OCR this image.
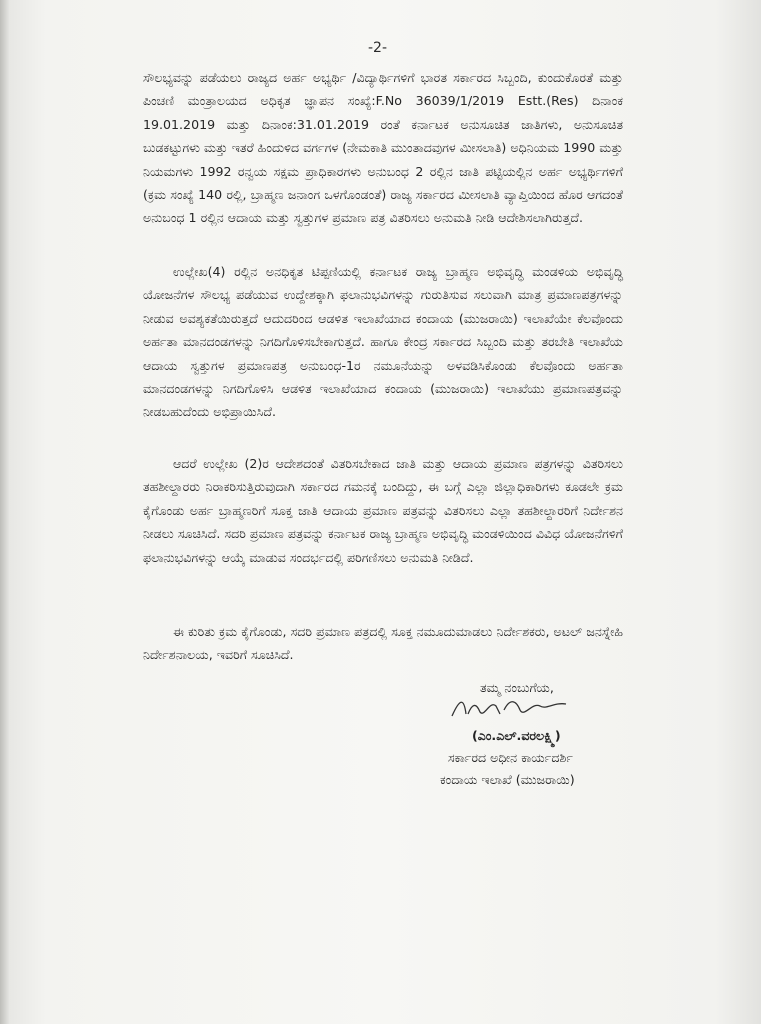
-2-

ಸೌಲಭ್ಯವನ್ನು ಪಡೆಯಲು ರಾಜ್ಯದ ಅರ್ಹ ಅಭ್ಯರ್ಥಿ /ವಿದ್ಯಾರ್ಥಿಗಳಿಗೆ ಭಾರತ ಸರ್ಕಾರದ ಸಿಬ್ಬಂದಿ, ಕುಂದುಕೊರತೆ ಮತ್ತು ಪಿಂಚಣಿ ಮಂತ್ರಾಲಯದ ಅಧಿಕೃತ ಜ್ಞಾಪನ ಸಂಖ್ಯೆ:F.No 36039/1/2019 Estt.(Res) ದಿನಾಂಕ 19.01.2019 ಮತ್ತು ದಿನಾಂಕ:31.01.2019 ರಂತೆ ಕರ್ನಾಟಕ ಅನುಸೂಚಿತ ಜಾತಿಗಳು, ಅನುಸೂಚಿತ ಬುಡಕಟ್ಟುಗಳು ಮತ್ತು ಇತರೆ ಹಿಂದುಳಿದ ವರ್ಗಗಳ (ನೇಮಕಾತಿ ಮುಂತಾದವುಗಳ ಮೀಸಲಾತಿ) ಅಧಿನಿಯಮ 1990 ಮತ್ತು ನಿಯಮಗಳು 1992 ರನ್ವಯ ಸಕ್ಷಮ ಪ್ರಾಧಿಕಾರಗಳು ಅನುಬಂಧ 2 ರಲ್ಲಿನ ಜಾತಿ ಪಟ್ಟಿಯಲ್ಲಿನ ಅರ್ಹ ಅಭ್ಯರ್ಥಿಗಳಿಗೆ (ಕ್ರಮ ಸಂಖ್ಯೆ 140 ರಲ್ಲಿ, ಬ್ರಾಹ್ಮಣ ಜನಾಂಗ ಒಳಗೊಂಡಂತೆ) ರಾಜ್ಯ ಸರ್ಕಾರದ ಮೀಸಲಾತಿ ವ್ಯಾಪ್ತಿಯಿಂದ ಹೊರ ಆಗದಂತೆ ಅನುಬಂಧ 1 ರಲ್ಲಿನ ಆದಾಯ ಮತ್ತು ಸ್ವತ್ತುಗಳ ಪ್ರಮಾಣ ಪತ್ರ ವಿತರಿಸಲು ಅನುಮತಿ ನೀಡಿ ಆದೇಶಿಸಲಾಗಿರುತ್ತದೆ.

ಉಲ್ಲೇಖ(4) ರಲ್ಲಿನ ಅನಧಿಕೃತ ಟಿಪ್ಪಣಿಯಲ್ಲಿ ಕರ್ನಾಟಕ ರಾಜ್ಯ ಬ್ರಾಹ್ಮಣ ಅಭಿವೃದ್ಧಿ ಮಂಡಳಿಯ ಅಭಿವೃದ್ಧಿ ಯೋಜನೆಗಳ ಸೌಲಭ್ಯ ಪಡೆಯುವ ಉದ್ದೇಶಕ್ಕಾಗಿ ಫಲಾನುಭವಿಗಳನ್ನು ಗುರುತಿಸುವ ಸಲುವಾಗಿ ಮಾತ್ರ ಪ್ರಮಾಣಪತ್ರಗಳನ್ನು ನೀಡುವ ಅವಶ್ಯಕತೆಯಿರುತ್ತದೆ ಆದುದರಿಂದ ಆಡಳಿತ ಇಲಾಖೆಯಾದ ಕಂದಾಯ (ಮುಜರಾಯಿ) ಇಲಾಖೆಯೇ ಕೆಲವೊಂದು ಅರ್ಹತಾ ಮಾನದಂಡಗಳನ್ನು ನಿಗದಿಗೊಳಿಸಬೇಕಾಗುತ್ತದೆ. ಹಾಗೂ ಕೇಂದ್ರ ಸರ್ಕಾರದ ಸಿಬ್ಬಂದಿ ಮತ್ತು ತರಬೇತಿ ಇಲಾಖೆಯ ಆದಾಯ ಸ್ವತ್ತುಗಳ ಪ್ರಮಾಣಪತ್ರ ಅನುಬಂಧ-1ರ ನಮೂನೆಯನ್ನು ಅಳವಡಿಸಿಕೊಂಡು ಕೆಲವೊಂದು ಅರ್ಹತಾ ಮಾನದಂಡಗಳನ್ನು ನಿಗದಿಗೊಳಿಸಿ ಆಡಳಿತ ಇಲಾಖೆಯಾದ ಕಂದಾಯ (ಮುಜರಾಯಿ) ಇಲಾಖೆಯು ಪ್ರಮಾಣಪತ್ರವನ್ನು ನೀಡಬಹುದೆಂದು ಅಭಿಪ್ರಾಯಿಸಿದೆ.

ಆದರೆ ಉಲ್ಲೇಖ (2)ರ ಆದೇಶದಂತೆ ವಿತರಿಸಬೇಕಾದ ಜಾತಿ ಮತ್ತು ಆದಾಯ ಪ್ರಮಾಣ ಪತ್ರಗಳನ್ನು ವಿತರಿಸಲು ತಹಶೀಲ್ದಾರರು ನಿರಾಕರಿಸುತ್ತಿರುವುದಾಗಿ ಸರ್ಕಾರದ ಗಮನಕ್ಕೆ ಬಂದಿದ್ದು, ಈ ಬಗ್ಗೆ ಎಲ್ಲಾ ಜಿಲ್ಲಾಧಿಕಾರಿಗಳು ಕೂಡಲೇ ಕ್ರಮ ಕೈಗೊಂಡು ಅರ್ಹ ಬ್ರಾಹ್ಮಣರಿಗೆ ಸೂಕ್ತ ಜಾತಿ ಆದಾಯ ಪ್ರಮಾಣ ಪತ್ರವನ್ನು ವಿತರಿಸಲು ಎಲ್ಲಾ ತಹಶೀಲ್ದಾರರಿಗೆ ನಿರ್ದೇಶನ ನೀಡಲು ಸೂಚಿಸಿದೆ. ಸದರಿ ಪ್ರಮಾಣ ಪತ್ರವನ್ನು ಕರ್ನಾಟಕ ರಾಜ್ಯ ಬ್ರಾಹ್ಮಣ ಅಭಿವೃದ್ಧಿ ಮಂಡಳಿಯಿಂದ ವಿವಿಧ ಯೋಜನೆಗಳಿಗೆ ಫಲಾನುಭವಿಗಳನ್ನು ಆಯ್ಕೆ ಮಾಡುವ ಸಂದರ್ಭದಲ್ಲಿ ಪರಿಗಣಿಸಲು ಅನುಮತಿ ನೀಡಿದೆ.

ಈ ಕುರಿತು ಕ್ರಮ ಕೈಗೊಂಡು, ಸದರಿ ಪ್ರಮಾಣ ಪತ್ರದಲ್ಲಿ ಸೂಕ್ತ ನಮೂದುಮಾಡಲು ನಿರ್ದೇಶಕರು, ಅಟಲ್ ಜನಸ್ನೇಹಿ ನಿರ್ದೇಶನಾಲಯ, ಇವರಿಗೆ ಸೂಚಿಸಿದೆ.

ತಮ್ಮ ನಂಬುಗೆಯ,
(ಎಂ.ಎಲ್.ವರಲಕ್ಷ್ಮಿ)
ಸರ್ಕಾರದ ಅಧೀನ ಕಾರ್ಯದರ್ಶಿ
ಕಂದಾಯ ಇಲಾಖೆ (ಮುಜರಾಯಿ)
